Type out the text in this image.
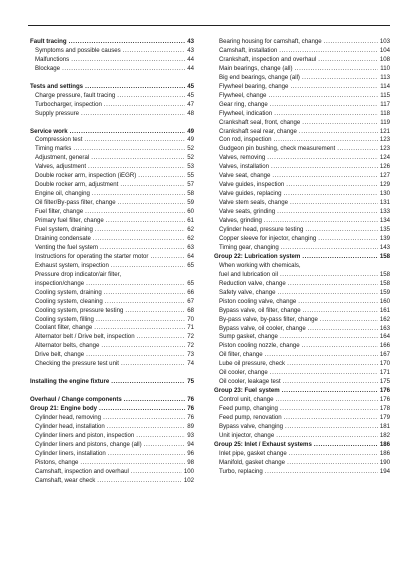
Fault tracing .....	43
Symptoms and possible causes .....	43
Malfunctions .....	44
Blockage .....	44
Tests and settings .....	45
Charge pressure, fault tracing .....	45
Turbocharger, inspection .....	47
Supply pressure .....	48
Service work .....	49
Compression test .....	49
Timing marks .....	52
Adjustment, general .....	52
Valves, adjustment .....	53
Double rocker arm, inspection (iEGR) .....	55
Double rocker arm, adjustment .....	57
Engine oil, changing .....	58
Oil filter/By-pass filter, change .....	59
Fuel filter, change .....	60
Primary fuel filter, change .....	61
Fuel system, draining .....	62
Draining condensate .....	62
Venting the fuel system .....	63
Instructions for operating the starter motor .....	64
Exhaust system, inspection .....	65
Pressure drop indicator/air filter,
inspection/change .....	65
Cooling system, draining .....	66
Cooling system, cleaning .....	67
Cooling system, pressure testing .....	68
Cooling system, filling .....	70
Coolant filter, change .....	71
Alternator belt / Drive belt, inspection .....	72
Alternator belts, change .....	72
Drive belt, change .....	73
Checking the pressure test unit .....	74
Installing the engine fixture .....	75
Overhaul / Change components .....	76
Group 21: Engine body .....	76
Cylinder head, removing .....	76
Cylinder head, installation .....	89
Cylinder liners and piston, inspection .....	93
Cylinder liners and pistons, change (all) .....	94
Cylinder liners, installation .....	96
Pistons, change .....	98
Camshaft, inspection and overhaul .....	100
Camshaft, wear check .....	102
Bearing housing for camshaft, change .....	103
Camshaft, installation .....	104
Crankshaft, inspection and overhaul .....	108
Main bearings, change (all) .....	110
Big end bearings, change (all) .....	113
Flywheel bearing, change .....	114
Flywheel, change .....	115
Gear ring, change .....	117
Flywheel, indication .....	118
Crankshaft seal, front, change .....	119
Crankshaft seal rear, change .....	121
Con rod, inspection .....	123
Gudgeon pin bushing, check measurement .....	123
Valves, removing .....	124
Valves, installation .....	126
Valve seat, change .....	127
Valve guides, inspection .....	129
Valve guides, replacing .....	130
Valve stem seals, change .....	131
Valve seats, grinding .....	133
Valves, grinding .....	134
Cylinder head, pressure testing .....	135
Copper sleeve for injector, changing .....	139
Timing gear, changing .....	143
Group 22: Lubrication system .....	158
When working with chemicals,
fuel and lubrication oil .....	158
Reduction valve, change .....	158
Safety valve, change .....	159
Piston cooling valve, change .....	160
Bypass valve, oil filter, change .....	161
By-pass valve, by-pass filter, change .....	162
Bypass valve, oil cooler, change .....	163
Sump gasket, change .....	164
Piston cooling nozzle, change .....	166
Oil filter, change .....	167
Lube oil pressure, check .....	170
Oil cooler, change .....	171
Oil cooler, leakage test .....	175
Group 23: Fuel system .....	176
Control unit, change .....	176
Feed pump, changing .....	178
Feed pump, renovation .....	179
Bypass valve, changing .....	181
Unit injector, change .....	182
Group 25: Inlet / Exhaust systems .....	186
Inlet pipe, gasket change .....	186
Manifold, gasket change .....	190
Turbo, replacing .....	194
